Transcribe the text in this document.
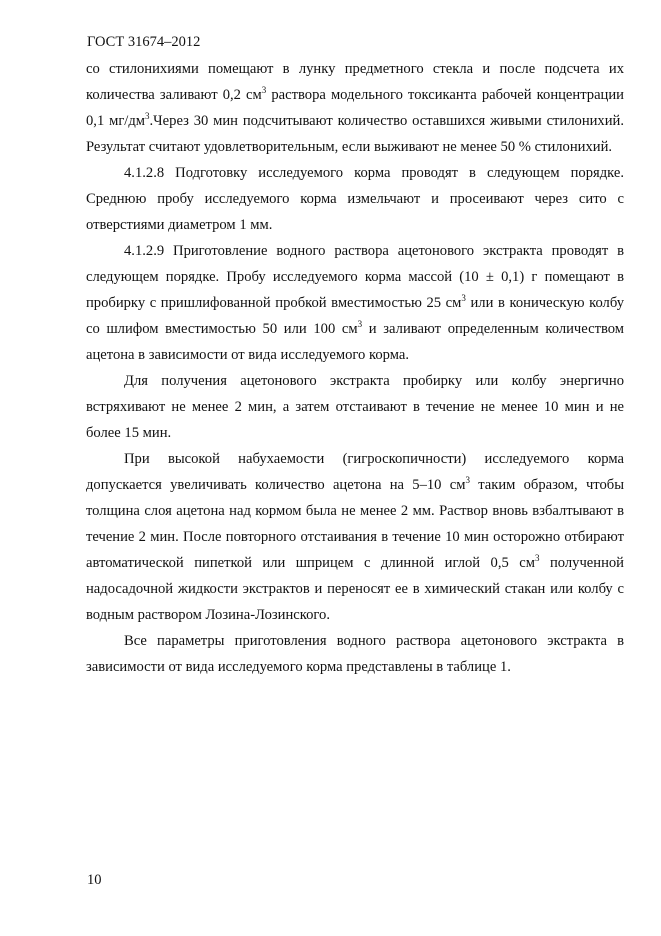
ГОСТ 31674–2012

со стилонихиями помещают в лунку предметного стекла и после подсчета их количества заливают 0,2 $см^3$ раствора модельного токсиканта рабочей концентрации 0,1 $мг/дм^3.Через$ 30 мин подсчитывают количество оставшихся живыми стилонихий. Результат считают удовлетворительным, если выживают не менее 50 % стилонихий.

4.1.2.8 Подготовку исследуемого корма проводят в следующем порядке. Среднюю пробу исследуемого корма измельчают и просеивают через сито с отверстиями диаметром 1 мм.

4.1.2.9 Приготовление водного раствора ацетонового экстракта проводят в следующем порядке. Пробу исследуемого корма массой (10 ± 0,1) г помещают в пробирку с пришлифованной пробкой вместимостью 25 $см^3$ или в коническую колбу со шлифом вместимостью 50 или 100 $см^3$ и заливают определенным количеством ацетона в зависимости от вида исследуемого корма.

Для получения ацетонового экстракта пробирку или колбу энергично встряхивают не менее 2 мин, а затем отстаивают в течение не менее 10 мин и не более 15 мин.

При высокой набухаемости (гигроскопичности) исследуемого корма допускается увеличивать количество ацетона на 5–10 $см^3$ таким образом, чтобы толщина слоя ацетона над кормом была не менее 2 мм. Раствор вновь взбалтывают в течение 2 мин. После повторного отстаивания в течение 10 мин осторожно отбирают автоматической пипеткой или шприцем с длинной иглой 0,5 $см^3$ полученной надосадочной жидкости экстрактов и переносят ее в химический стакан или колбу с водным раствором Лозина-Лозинского.

Все параметры приготовления водного раствора ацетонового экстракта в зависимости от вида исследуемого корма представлены в таблице 1.

10
